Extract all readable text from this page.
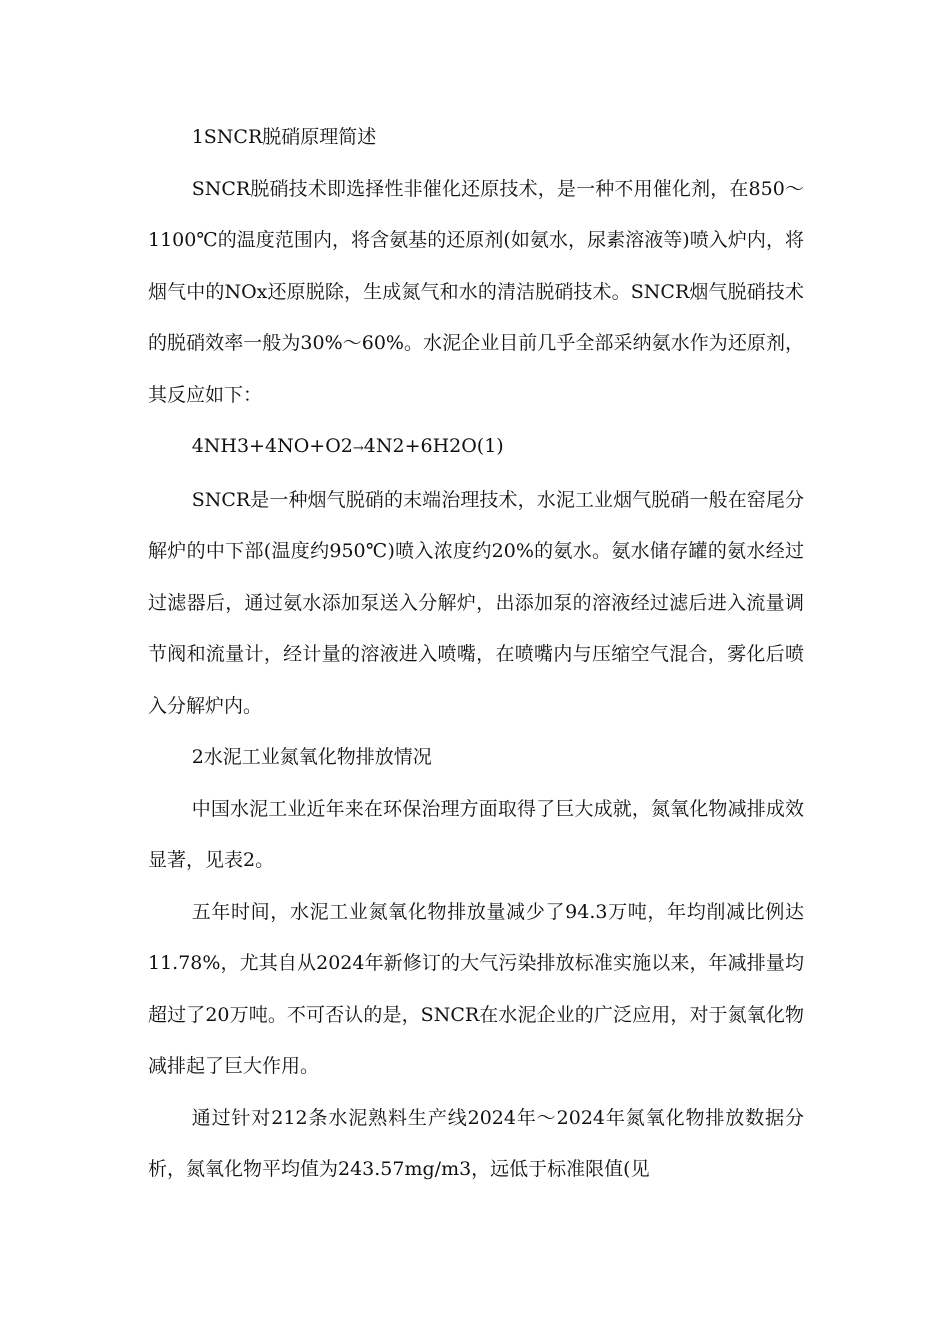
1SNCR脱硝原理简述

SNCR脱硝技术即选择性非催化还原技术，是一种不用催化剂，在850～1100℃的温度范围内，将含氨基的还原剂(如氨水，尿素溶液等)喷入炉内，将烟气中的NOx还原脱除，生成氮气和水的清洁脱硝技术。SNCR烟气脱硝技术的脱硝效率一般为30%～60%。水泥企业目前几乎全部采纳氨水作为还原剂，其反应如下：

4NH3+4NO+O2→4N2+6H2O(1)

SNCR是一种烟气脱硝的末端治理技术，水泥工业烟气脱硝一般在窑尾分解炉的中下部(温度约950℃)喷入浓度约20%的氨水。氨水储存罐的氨水经过过滤器后，通过氨水添加泵送入分解炉，出添加泵的溶液经过滤后进入流量调节阀和流量计，经计量的溶液进入喷嘴，在喷嘴内与压缩空气混合，雾化后喷入分解炉内。

2水泥工业氮氧化物排放情况

中国水泥工业近年来在环保治理方面取得了巨大成就，氮氧化物减排成效显著，见表2。

五年时间，水泥工业氮氧化物排放量减少了94.3万吨，年均削减比例达11.78%，尤其自从2024年新修订的大气污染排放标准实施以来，年减排量均超过了20万吨。不可否认的是，SNCR在水泥企业的广泛应用，对于氮氧化物减排起了巨大作用。

通过针对212条水泥熟料生产线2024年～2024年氮氧化物排放数据分析，氮氧化物平均值为243.57mg/m3，远低于标准限值(见
